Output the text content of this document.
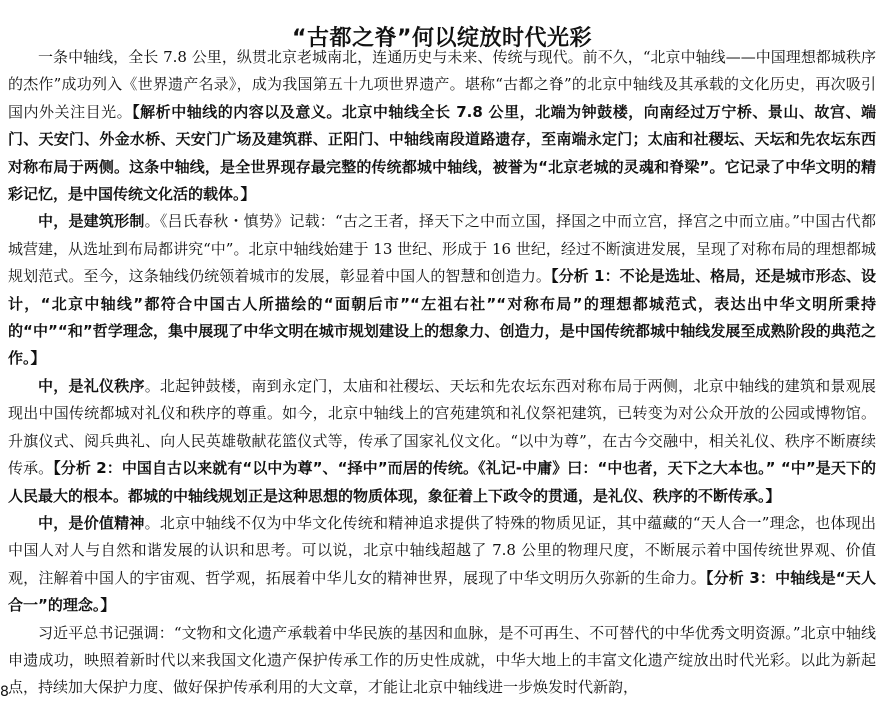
“古都之脊”何以绽放时代光彩

一条中轴线，全长 7.8 公里，纵贯北京老城南北，连通历史与未来、传统与现代。前不久，“北京中轴线——中国理想都城秩序的杰作”成功列入《世界遗产名录》，成为我国第五十九项世界遗产。堪称“古都之脊”的北京中轴线及其承载的文化历史，再次吸引国内外关注目光。【解析中轴线的内容以及意义。北京中轴线全长 7.8 公里，北端为钟鼓楼，向南经过万宁桥、景山、故宫、端门、天安门、外金水桥、天安门广场及建筑群、正阳门、中轴线南段道路遗存，至南端永定门；太庙和社稷坛、天坛和先农坛东西对称布局于两侧。这条中轴线，是全世界现存最完整的传统都城中轴线，被誉为“北京老城的灵魂和脊梁”。它记录了中华文明的精彩记忆，是中国传统文化活的载体。】

中，是建筑形制。《吕氏春秋・慎势》记载：“古之王者，择天下之中而立国，择国之中而立宫，择宫之中而立庙。”中国古代都城营建，从选址到布局都讲究“中”。北京中轴线始建于 13 世纪、形成于 16 世纪，经过不断演进发展，呈现了对称布局的理想都城规划范式。至今，这条轴线仍统领着城市的发展，彰显着中国人的智慧和创造力。【分析 1：不论是选址、格局，还是城市形态、设计，“北京中轴线”都符合中国古人所描绘的“面朝后市”“左祖右社”“对称布局”的理想都城范式，表达出中华文明所秉持的“中”“和”哲学理念，集中展现了中华文明在城市规划建设上的想象力、创造力，是中国传统都城中轴线发展至成熟阶段的典范之作。】

中，是礼仪秩序。北起钟鼓楼，南到永定门，太庙和社稷坛、天坛和先农坛东西对称布局于两侧，北京中轴线的建筑和景观展现出中国传统都城对礼仪和秩序的尊重。如今，北京中轴线上的宫苑建筑和礼仪祭祀建筑，已转变为对公众开放的公园或博物馆。升旗仪式、阅兵典礼、向人民英雄敬献花篮仪式等，传承了国家礼仪文化。“以中为尊”，在古今交融中，相关礼仪、秩序不断赓续传承。【分析 2：中国自古以来就有“以中为尊”、“择中”而居的传统。《礼记-中庸》曰：“中也者，天下之大本也。” “中”是天下的人民最大的根本。都城的中轴线规划正是这种思想的物质体现，象征着上下政令的贯通，是礼仪、秩序的不断传承。】

中，是价值精神。北京中轴线不仅为中华文化传统和精神追求提供了特殊的物质见证，其中蕴藏的“天人合一”理念，也体现出中国人对人与自然和谐发展的认识和思考。可以说，北京中轴线超越了 7.8 公里的物理尺度，不断展示着中国传统世界观、价值观，注解着中国人的宇宙观、哲学观，拓展着中华儿女的精神世界，展现了中华文明历久弥新的生命力。【分析 3：中轴线是“天人合一”的理念。】

习近平总书记强调：“文物和文化遗产承载着中华民族的基因和血脉，是不可再生、不可替代的中华优秀文明资源。”北京中轴线申遗成功，映照着新时代以来我国文化遗产保护传承工作的历史性成就，中华大地上的丰富文化遗产绽放出时代光彩。以此为新起点，持续加大保护力度、做好保护传承利用的大文章，才能让北京中轴线进一步焕发时代新韵，

8
